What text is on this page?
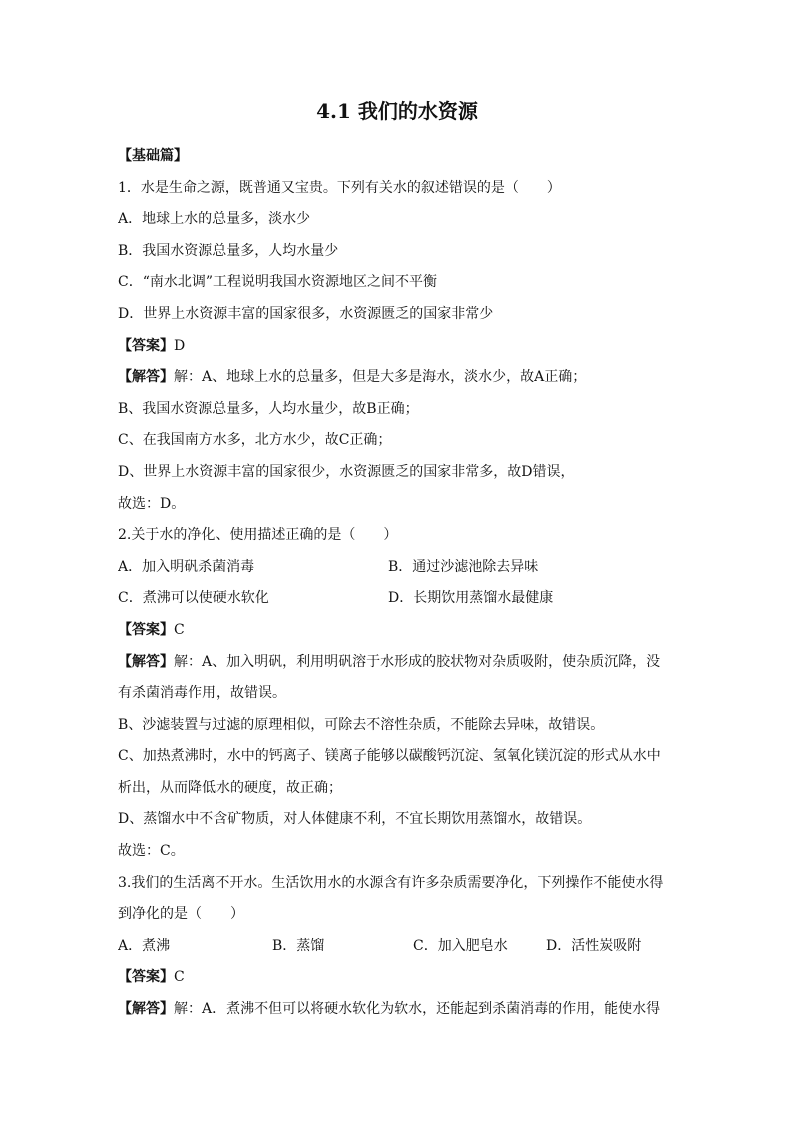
4.1 我们的水资源
【基础篇】
1．水是生命之源，既普通又宝贵。下列有关水的叙述错误的是（　　）
A．地球上水的总量多，淡水少
B．我国水资源总量多，人均水量少
C．“南水北调”工程说明我国水资源地区之间不平衡
D．世界上水资源丰富的国家很多，水资源匮乏的国家非常少
【答案】D
【解答】解：A、地球上水的总量多，但是大多是海水，淡水少，故A正确；
B、我国水资源总量多，人均水量少，故B正确；
C、在我国南方水多，北方水少，故C正确；
D、世界上水资源丰富的国家很少，水资源匮乏的国家非常多，故D错误，
故选：D。
2.关于水的净化、使用描述正确的是（　　）
A．加入明矾杀菌消毒	B．通过沙滤池除去异味
C．煮沸可以使硬水软化	D．长期饮用蒸馏水最健康
【答案】C
【解答】解：A、加入明矾，利用明矾溶于水形成的胶状物对杂质吸附，使杂质沉降，没
有杀菌消毒作用，故错误。
B、沙滤装置与过滤的原理相似，可除去不溶性杂质，不能除去异味，故错误。
C、加热煮沸时，水中的钙离子、镁离子能够以碳酸钙沉淀、氢氧化镁沉淀的形式从水中
析出，从而降低水的硬度，故正确；
D、蒸馏水中不含矿物质，对人体健康不利，不宜长期饮用蒸馏水，故错误。
故选：C。
3.我们的生活离不开水。生活饮用水的水源含有许多杂质需要净化，下列操作不能使水得
到净化的是（　　）
A．煮沸	B．蒸馏	C．加入肥皂水	D．活性炭吸附
【答案】C
【解答】解：A．煮沸不但可以将硬水软化为软水，还能起到杀菌消毒的作用，能使水得
